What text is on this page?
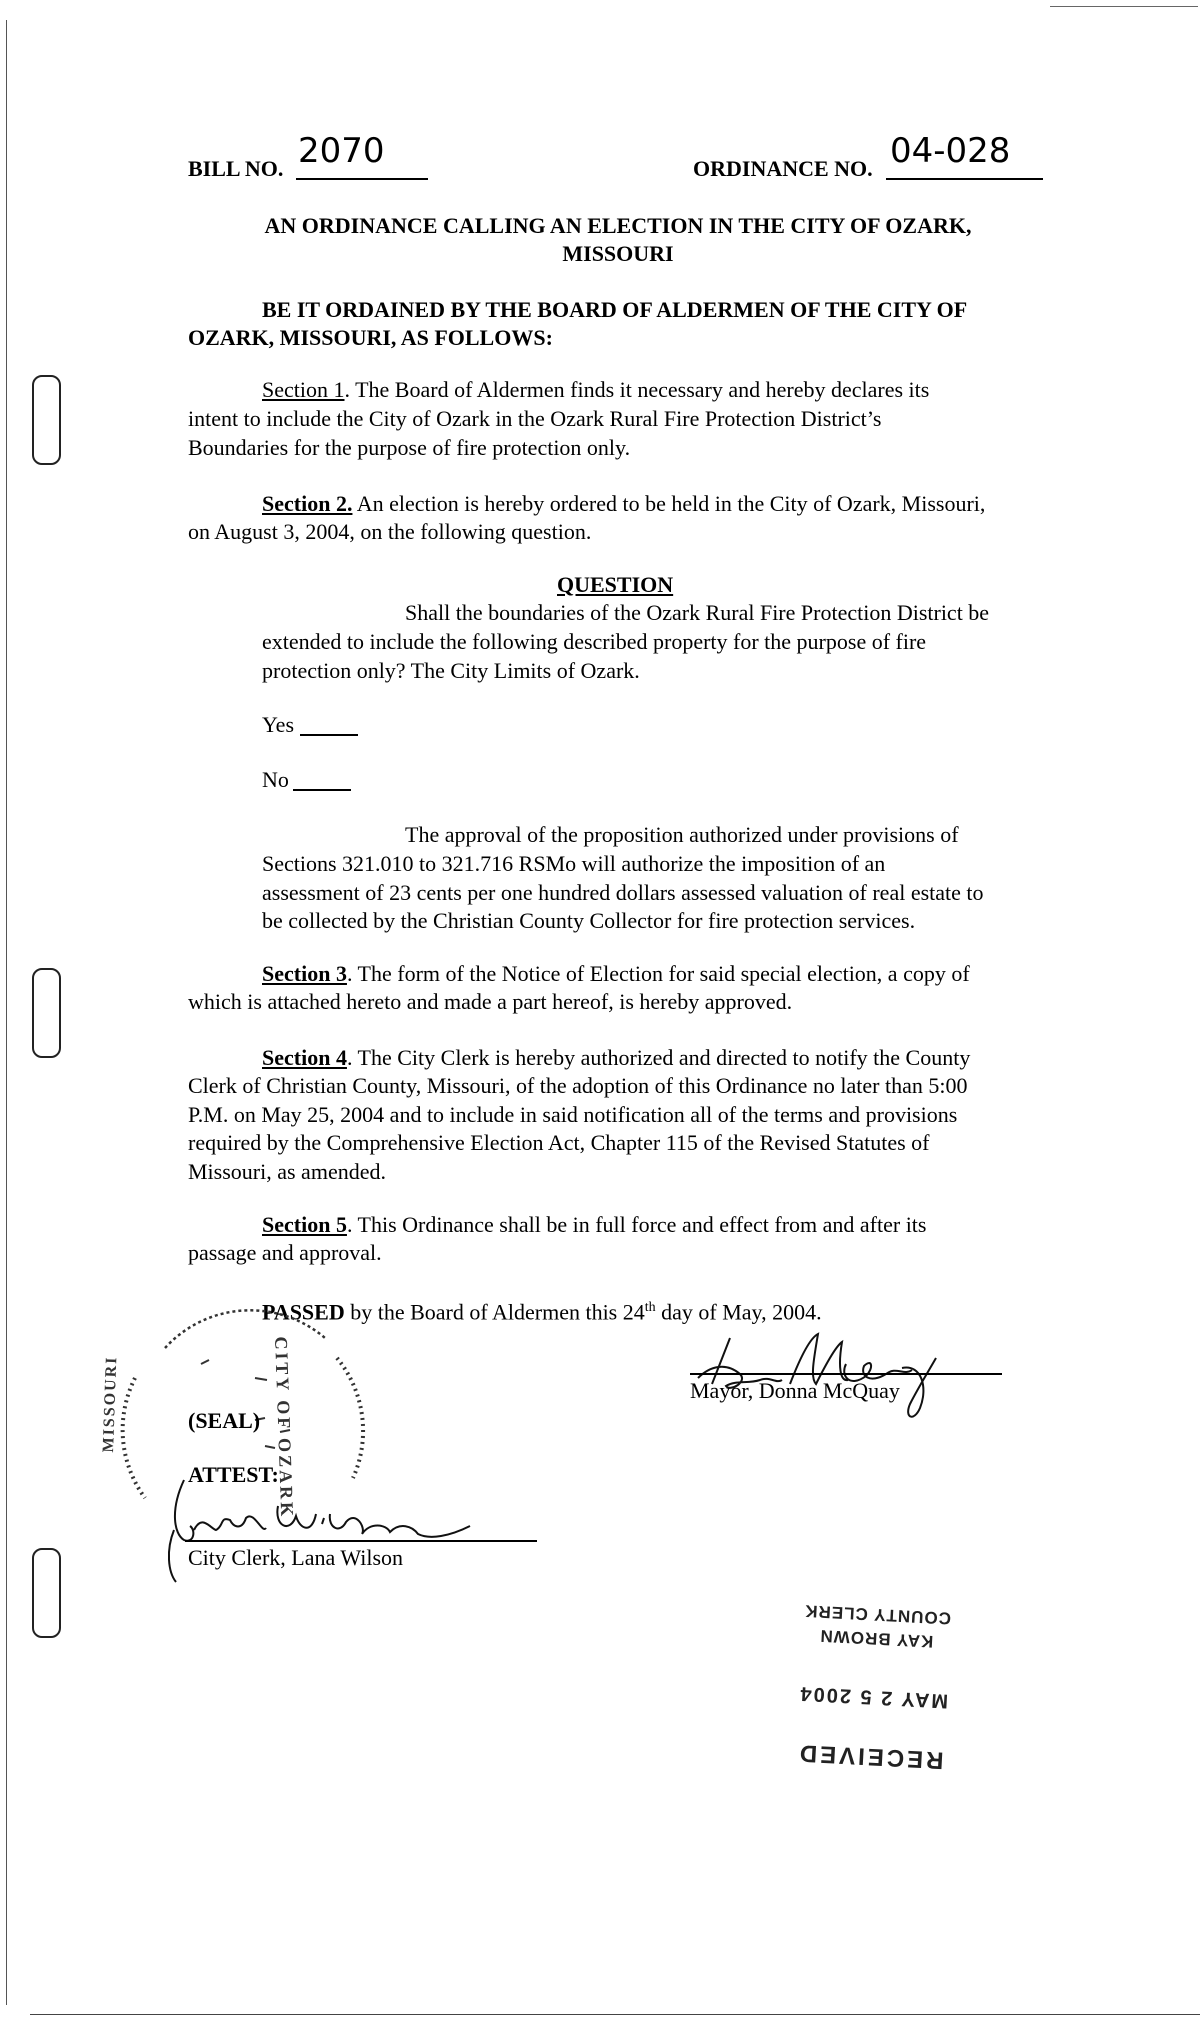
BILL NO. 2070	ORDINANCE NO. 04-028
AN ORDINANCE CALLING AN ELECTION IN THE CITY OF OZARK,
MISSOURI
BE IT ORDAINED BY THE BOARD OF ALDERMEN OF THE CITY OF
OZARK, MISSOURI, AS FOLLOWS:
Section 1. The Board of Aldermen finds it necessary and hereby declares its
intent to include the City of Ozark in the Ozark Rural Fire Protection District’s
Boundaries for the purpose of fire protection only.
Section 2. An election is hereby ordered to be held in the City of Ozark, Missouri,
on August 3, 2004, on the following question.
QUESTION
Shall the boundaries of the Ozark Rural Fire Protection District be
extended to include the following described property for the purpose of fire
protection only? The City Limits of Ozark.
Yes
No
The approval of the proposition authorized under provisions of
Sections 321.010 to 321.716 RSMo will authorize the imposition of an
assessment of 23 cents per one hundred dollars assessed valuation of real estate to
be collected by the Christian County Collector for fire protection services.
Section 3. The form of the Notice of Election for said special election, a copy of
which is attached hereto and made a part hereof, is hereby approved.
Section 4. The City Clerk is hereby authorized and directed to notify the County
Clerk of Christian County, Missouri, of the adoption of this Ordinance no later than 5:00
P.M. on May 25, 2004 and to include in said notification all of the terms and provisions
required by the Comprehensive Election Act, Chapter 115 of the Revised Statutes of
Missouri, as amended.
Section 5. This Ordinance shall be in full force and effect from and after its
passage and approval.
PASSED by the Board of Aldermen this 24th day of May, 2004.
Mayor, Donna McQuay
CITY OF OZARK
MISSOURI	(SEAL)
ATTEST:
City Clerk, Lana Wilson
RECEIVED
MAY 2 5 2004
KAY BROWN
COUNTY CLERK
